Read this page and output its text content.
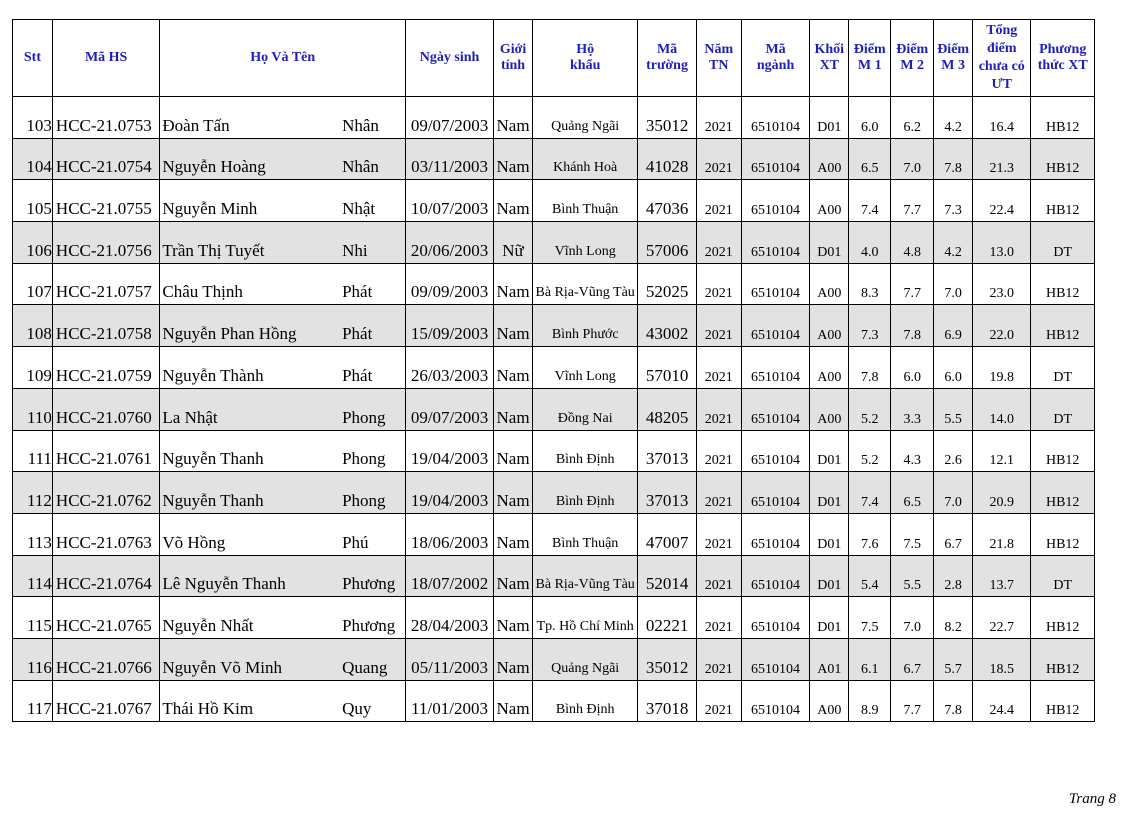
Stt	Mã HS	Họ Và Tên		Ngày sinh	Giới tính	Hộ khẩu	Mã trường	Năm TN	Mã ngành	Khối XT	Điểm M 1	Điểm M 2	Điểm M 3	Tổng điểm chưa có ƯT	Phương thức XT
103	HCC-21.0753	Đoàn Tấn	Nhân	09/07/2003	Nam	Quảng Ngãi	35012	2021	6510104	D01	6.0	6.2	4.2	16.4	HB12
104	HCC-21.0754	Nguyễn Hoàng	Nhân	03/11/2003	Nam	Khánh Hoà	41028	2021	6510104	A00	6.5	7.0	7.8	21.3	HB12
105	HCC-21.0755	Nguyễn Minh	Nhật	10/07/2003	Nam	Bình Thuận	47036	2021	6510104	A00	7.4	7.7	7.3	22.4	HB12
106	HCC-21.0756	Trần Thị Tuyết	Nhi	20/06/2003	Nữ	Vĩnh Long	57006	2021	6510104	D01	4.0	4.8	4.2	13.0	DT
107	HCC-21.0757	Châu Thịnh	Phát	09/09/2003	Nam	Bà Rịa-Vũng Tàu	52025	2021	6510104	A00	8.3	7.7	7.0	23.0	HB12
108	HCC-21.0758	Nguyễn Phan Hồng	Phát	15/09/2003	Nam	Bình Phước	43002	2021	6510104	A00	7.3	7.8	6.9	22.0	HB12
109	HCC-21.0759	Nguyễn Thành	Phát	26/03/2003	Nam	Vĩnh Long	57010	2021	6510104	A00	7.8	6.0	6.0	19.8	DT
110	HCC-21.0760	La Nhật	Phong	09/07/2003	Nam	Đồng Nai	48205	2021	6510104	A00	5.2	3.3	5.5	14.0	DT
111	HCC-21.0761	Nguyễn Thanh	Phong	19/04/2003	Nam	Bình Định	37013	2021	6510104	D01	5.2	4.3	2.6	12.1	HB12
112	HCC-21.0762	Nguyễn Thanh	Phong	19/04/2003	Nam	Bình Định	37013	2021	6510104	D01	7.4	6.5	7.0	20.9	HB12
113	HCC-21.0763	Võ Hồng	Phú	18/06/2003	Nam	Bình Thuận	47007	2021	6510104	D01	7.6	7.5	6.7	21.8	HB12
114	HCC-21.0764	Lê Nguyễn Thanh	Phương	18/07/2002	Nam	Bà Rịa-Vũng Tàu	52014	2021	6510104	D01	5.4	5.5	2.8	13.7	DT
115	HCC-21.0765	Nguyễn Nhất	Phương	28/04/2003	Nam	Tp. Hồ Chí Minh	02221	2021	6510104	D01	7.5	7.0	8.2	22.7	HB12
116	HCC-21.0766	Nguyễn Võ Minh	Quang	05/11/2003	Nam	Quảng Ngãi	35012	2021	6510104	A01	6.1	6.7	5.7	18.5	HB12
117	HCC-21.0767	Thái Hồ Kim	Quy	11/01/2003	Nam	Bình Định	37018	2021	6510104	A00	8.9	7.7	7.8	24.4	HB12
Trang 8
